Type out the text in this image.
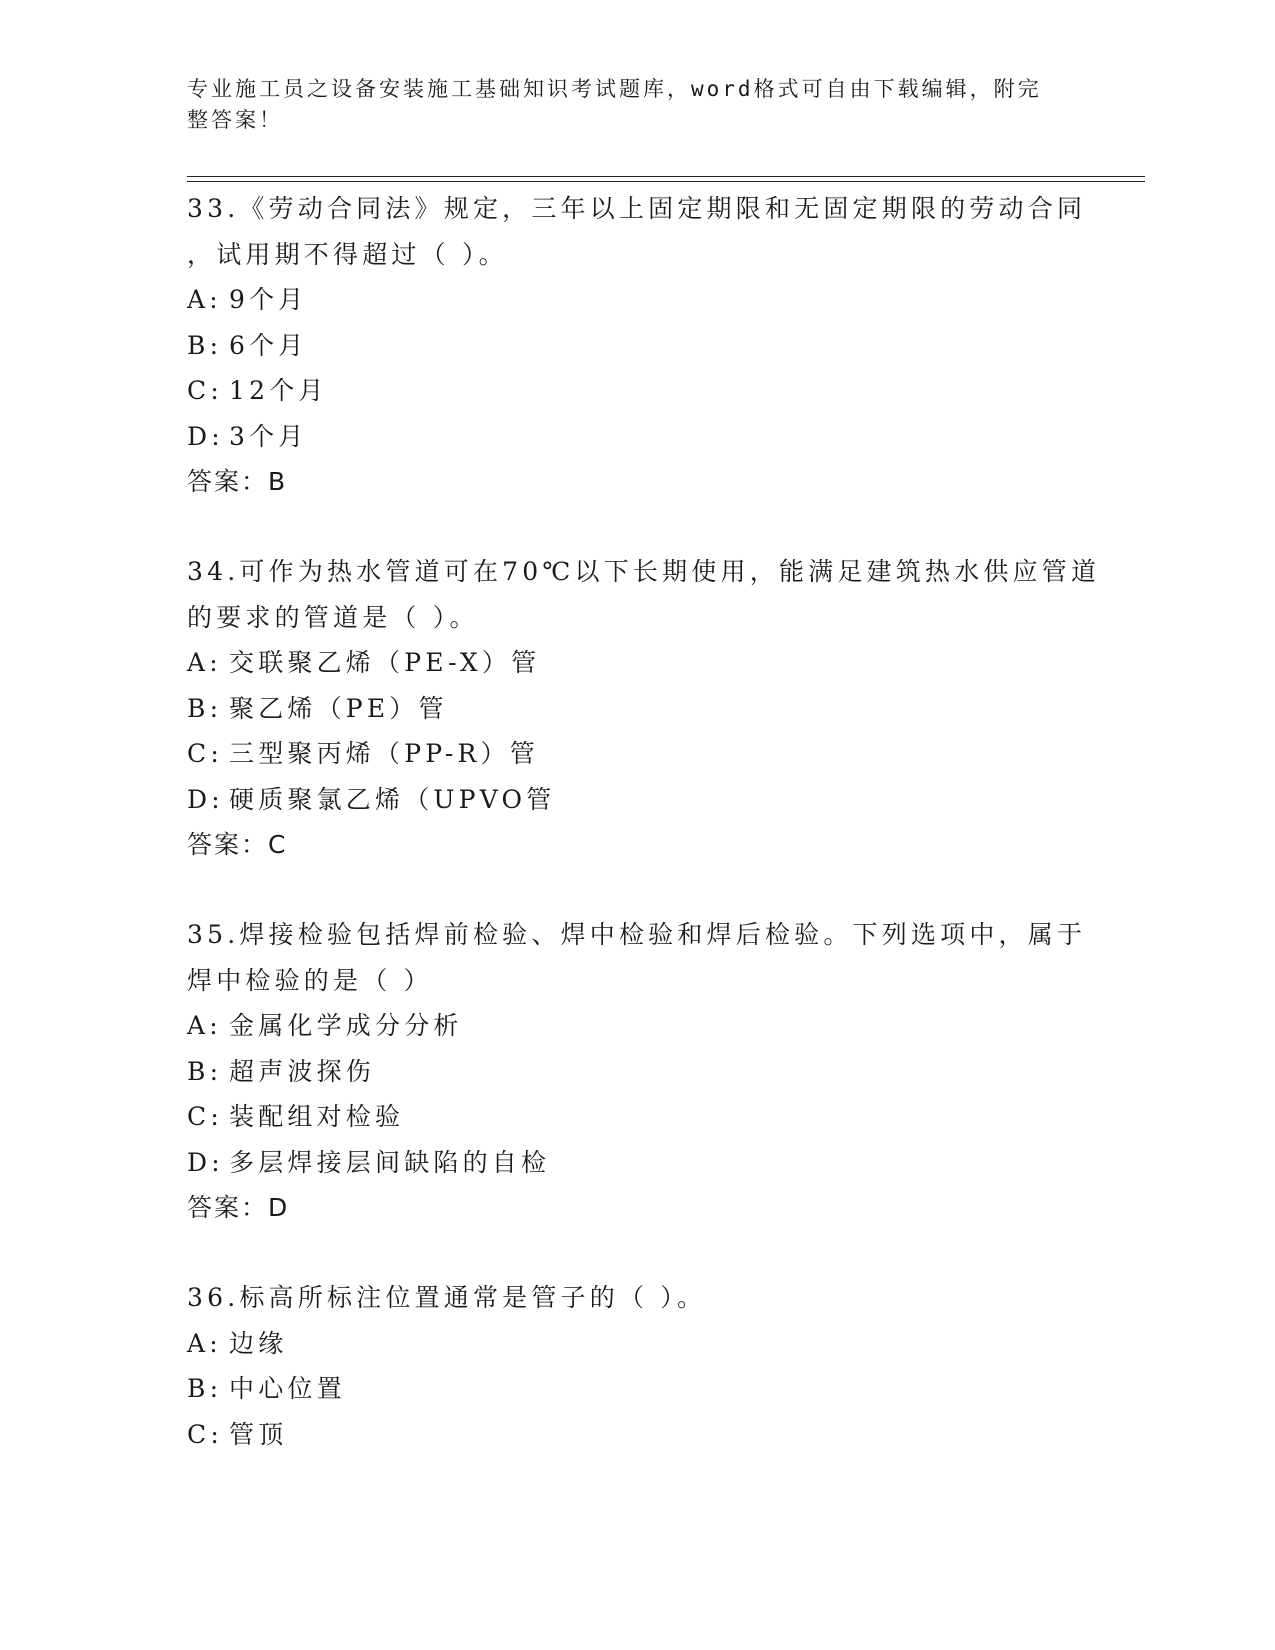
专业施工员之设备安装施工基础知识考试题库，word格式可自由下载编辑，附完
整答案！
33.《劳动合同法》规定，三年以上固定期限和无固定期限的劳动合同
，试用期不得超过（ ）。
A: 9个月
B: 6个月
C: 12个月
D: 3个月
答案：B
34.可作为热水管道可在70℃以下长期使用，能满足建筑热水供应管道
的要求的管道是（ ）。
A: 交联聚乙烯（PE-X）管
B: 聚乙烯（PE）管
C: 三型聚丙烯（PP-R）管
D: 硬质聚氯乙烯（UPVO管
答案：C
35.焊接检验包括焊前检验、焊中检验和焊后检验。下列选项中，属于
焊中检验的是（ ）
A: 金属化学成分分析
B: 超声波探伤
C: 装配组对检验
D: 多层焊接层间缺陷的自检
答案：D
36.标高所标注位置通常是管子的（ ）。
A: 边缘
B: 中心位置
C: 管顶
